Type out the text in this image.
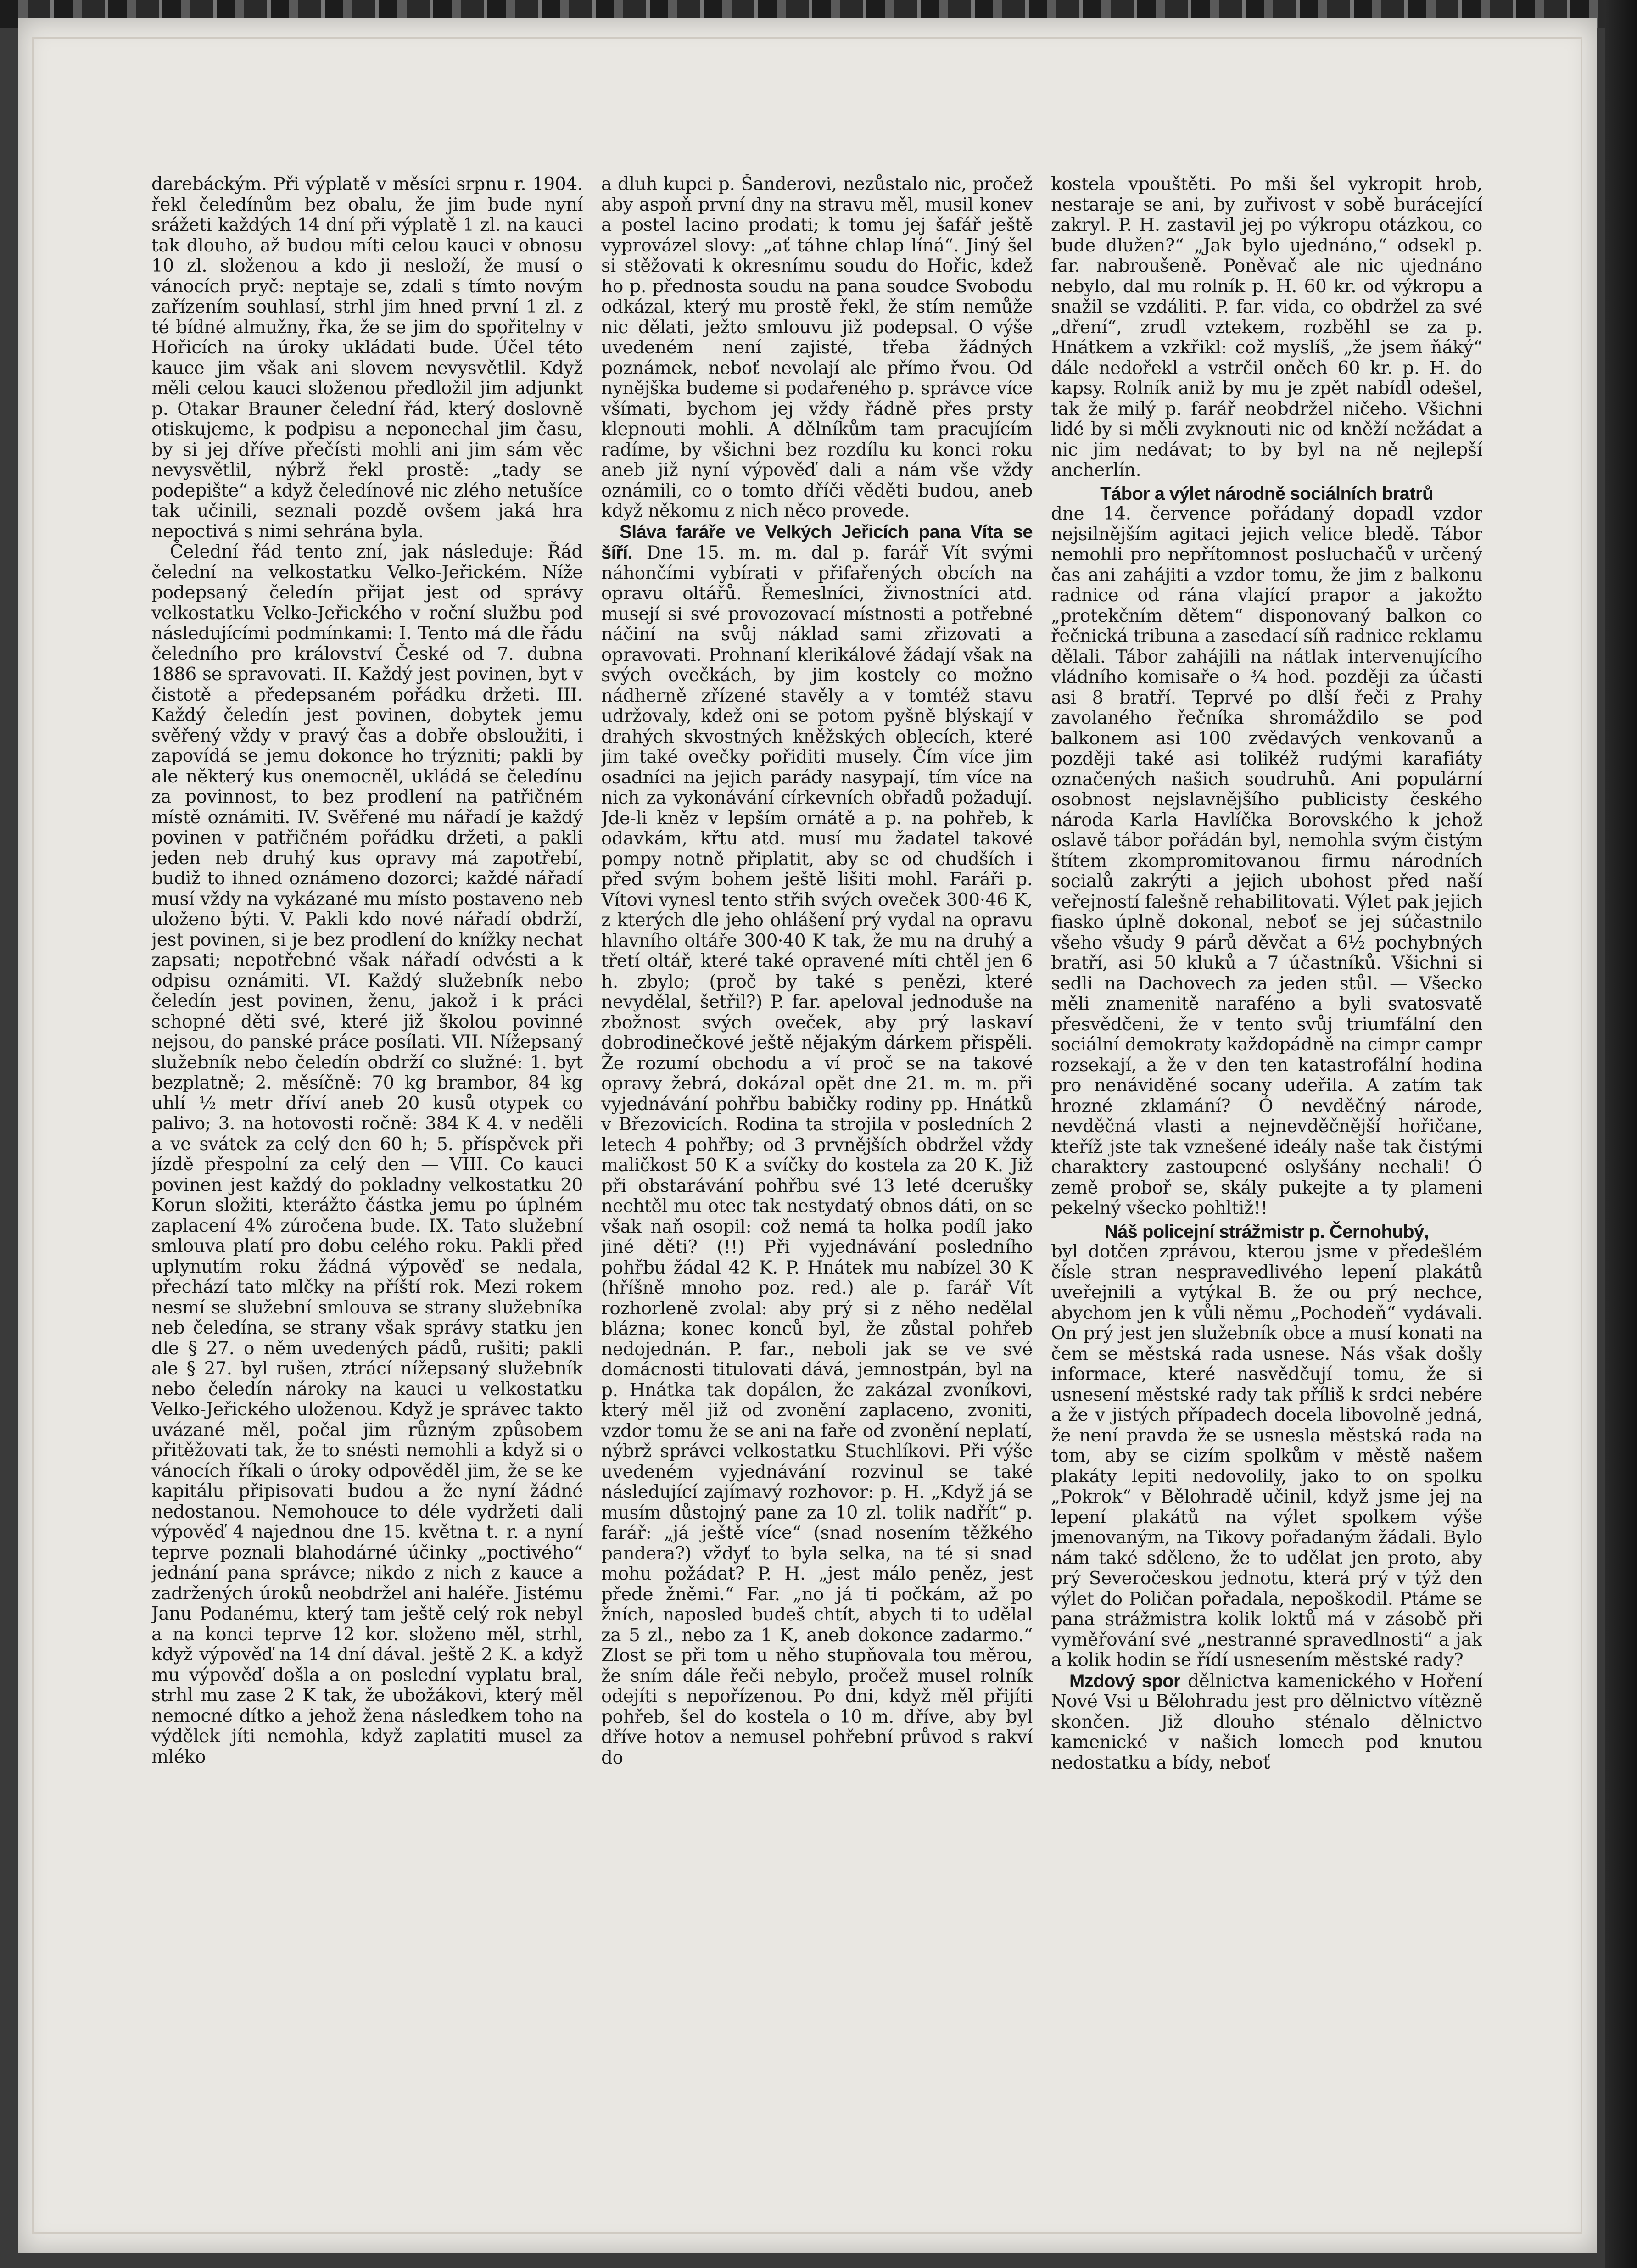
darebáckým. Při výplatě v měsíci srpnu r. 1904. řekl čeledínům bez obalu, že jim bude nyní srážeti každých 14 dní při výplatě 1 zl. na kauci tak dlouho, až budou míti celou kauci v obnosu 10 zl. složenou a kdo ji nesloží, že musí o vánocích pryč: neptaje se, zdali s tímto novým zařízením souhlasí, strhl jim hned první 1 zl. z té bídné almužny, řka, že se jim do spořitelny v Hořicích na úroky ukládati bude. Účel této kauce jim však ani slovem nevysvětlil. Když měli celou kauci složenou předložil jim adjunkt p. Otakar Brauner čelední řád, který doslovně otiskujeme, k podpisu a neponechal jim času, by si jej dříve přečísti mohli ani jim sám věc nevysvětlil, nýbrž řekl prostě: „tady se podepište“ a když čeledínové nic zlého netušíce tak učinili, seznali pozdě ovšem jaká hra nepoctivá s nimi sehrána byla.

Čelední řád tento zní, jak následuje: Řád čelední na velkostatku Velko-Jeřickém. Níže podepsaný čeledín přijat jest od správy velkostatku Velko-Jeřického v roční službu pod následujícími podmínkami: I. Tento má dle řádu čeledního pro království České od 7. dubna 1886 se spravovati. II. Každý jest povinen, byt v čistotě a předepsaném pořádku držeti. III. Každý čeledín jest povinen, dobytek jemu svěřený vždy v pravý čas a dobře obsloužiti, i zapovídá se jemu dokonce ho trýzniti; pakli by ale některý kus onemocněl, ukládá se čeledínu za povinnost, to bez prodlení na patřičném místě oznámiti. IV. Svěřené mu nářadí je každý povinen v patřičném pořádku držeti, a pakli jeden neb druhý kus opravy má zapotřebí, budiž to ihned oznámeno dozorci; každé nářadí musí vždy na vykázané mu místo postaveno neb uloženo býti. V. Pakli kdo nové nářadí obdrží, jest povinen, si je bez prodlení do knížky nechat zapsati; nepotřebné však nářadí odvésti a k odpisu oznámiti. VI. Každý služebník nebo čeledín jest povinen, ženu, jakož i k práci schopné děti své, které již školou povinné nejsou, do panské práce posílati. VII. Nížepsaný služebník nebo čeledín obdrží co služné: 1. byt bezplatně; 2. měsíčně: 70 kg brambor, 84 kg uhlí ½ metr dříví aneb 20 kusů otypek co palivo; 3. na hotovosti ročně: 384 K 4. v neděli a ve svátek za celý den 60 h; 5. příspěvek při jízdě přespolní za celý den — VIII. Co kauci povinen jest každý do pokladny velkostatku 20 Korun složiti, kterážto částka jemu po úplném zaplacení 4% zúročena bude. IX. Tato služební smlouva platí pro dobu celého roku. Pakli před uplynutím roku žádná výpověď se nedala, přechází tato mlčky na příští rok. Mezi rokem nesmí se služební smlouva se strany služebníka neb čeledína, se strany však správy statku jen dle § 27. o něm uvedených pádů, rušiti; pakli ale § 27. byl rušen, ztrácí nížepsaný služebník nebo čeledín nároky na kauci u velkostatku Velko-Jeřického uloženou. Když je správec takto uvázané měl, počal jim různým způsobem přitěžovati tak, že to snésti nemohli a když si o vánocích říkali o úroky odpověděl jim, že se ke kapitálu připisovati budou a že nyní žádné nedostanou. Nemohouce to déle vydržeti dali výpověď 4 najednou dne 15. května t. r. a nyní teprve poznali blahodárné účinky „poctivého“ jednání pana správce; nikdo z nich z kauce a zadržených úroků neobdržel ani haléře. Jistému Janu Podanému, který tam ještě celý rok nebyl a na konci teprve 12 kor. složeno měl, strhl, když výpověď na 14 dní dával. ještě 2 K. a když mu výpověď došla a on poslední vyplatu bral, strhl mu zase 2 K tak, že ubožákovi, který měl nemocné dítko a jehož žena následkem toho na výdělek jíti nemohla, když zaplatiti musel za mléko

a dluh kupci p. Šanderovi, nezůstalo nic, pročež aby aspoň první dny na stravu měl, musil konev a postel lacino prodati; k tomu jej šafář ještě vyprovázel slovy: „ať táhne chlap líná“. Jiný šel si stěžovati k okresnímu soudu do Hořic, kdež ho p. přednosta soudu na pana soudce Svobodu odkázal, který mu prostě řekl, že stím nemůže nic dělati, ježto smlouvu již podepsal. O výše uvedeném není zajisté, třeba žádných poznámek, neboť nevolají ale přímo řvou. Od nynějška budeme si podařeného p. správce více všímati, bychom jej vždy řádně přes prsty klepnouti mohli. A dělníkům tam pracujícím radíme, by všichni bez rozdílu ku konci roku aneb již nyní výpověď dali a nám vše vždy oznámili, co o tomto dříči věděti budou, aneb když někomu z nich něco provede.

Sláva faráře ve Velkých Jeřicích pana Víta se šíří. Dne 15. m. m. dal p. farář Vít svými náhončími vybírati v přifařených obcích na opravu oltářů. Řemeslníci, živnostníci atd. musejí si své provozovací místnosti a potřebné náčiní na svůj náklad sami zřizovati a opravovati. Prohnaní klerikálové žádají však na svých ovečkách, by jim kostely co možno nádherně zřízené stavěly a v tomtéž stavu udržovaly, kdež oni se potom pyšně blýskají v drahých skvostných kněžských oblecích, které jim také ovečky pořiditi musely. Čím více jim osadníci na jejich parády nasypají, tím více na nich za vykonávání církevních obřadů požadují. Jde-li kněz v lepším ornátě a p. na pohřeb, k odavkám, křtu atd. musí mu žadatel takové pompy notně připlatit, aby se od chudších i před svým bohem ještě lišiti mohl. Faráři p. Vítovi vynesl tento střih svých oveček 300·46 K, z kterých dle jeho ohlášení prý vydal na opravu hlavního oltáře 300·40 K tak, že mu na druhý a třetí oltář, které také opravené míti chtěl jen 6 h. zbylo; (proč by také s penězi, které nevydělal, šetřil?) P. far. apeloval jednoduše na zbožnost svých oveček, aby prý laskaví dobrodinečkové ještě nějakým dárkem přispěli. Že rozumí obchodu a ví proč se na takové opravy žebrá, dokázal opět dne 21. m. m. při vyjednávání pohřbu babičky rodiny pp. Hnátků v Březovicích. Rodina ta strojila v posledních 2 letech 4 pohřby; od 3 prvnějších obdržel vždy maličkost 50 K a svíčky do kostela za 20 K. Již při obstarávání pohřbu své 13 leté dcerušky nechtěl mu otec tak nestydatý obnos dáti, on se však naň osopil: což nemá ta holka podíl jako jiné děti? (!!) Při vyjednávání posledního pohřbu žádal 42 K. P. Hnátek mu nabízel 30 K (hříšně mnoho poz. red.) ale p. farář Vít rozhorleně zvolal: aby prý si z něho nedělal blázna; konec konců byl, že zůstal pohřeb nedojednán. P. far., neboli jak se ve své domácnosti titulovati dává, jemnostpán, byl na p. Hnátka tak dopálen, že zakázal zvoníkovi, který měl již od zvonění zaplaceno, zvoniti, vzdor tomu že se ani na faře od zvonění neplatí, nýbrž správci velkostatku Stuchlíkovi. Při výše uvedeném vyjednávání rozvinul se také následující zajímavý rozhovor: p. H. „Když já se musím důstojný pane za 10 zl. tolik nadřít“ p. farář: „já ještě více“ (snad nosením těžkého pandera?) vždyť to byla selka, na té si snad mohu požádat? P. H. „jest málo peněz, jest přede žněmi.“ Far. „no já ti počkám, až po žních, naposled budeš chtít, abych ti to udělal za 5 zl., nebo za 1 K, aneb dokonce zadarmo.“ Zlost se při tom u něho stupňovala tou měrou, že sním dále řeči nebylo, pročež musel rolník odejíti s nepořízenou. Po dni, když měl přijíti pohřeb, šel do kostela o 10 m. dříve, aby byl dříve hotov a nemusel pohřební průvod s rakví do

kostela vpouštěti. Po mši šel vykropit hrob, nestaraje se ani, by zuřivost v sobě burácející zakryl. P. H. zastavil jej po výkropu otázkou, co bude dlužen?“ „Jak bylo ujednáno,“ odsekl p. far. nabroušeně. Poněvač ale nic ujednáno nebylo, dal mu rolník p. H. 60 kr. od výkropu a snažil se vzdáliti. P. far. vida, co obdržel za své „dření“, zrudl vztekem, rozběhl se za p. Hnátkem a vzkřikl: což myslíš, „že jsem ňáký“ dále nedořekl a vstrčil oněch 60 kr. p. H. do kapsy. Rolník aniž by mu je zpět nabídl odešel, tak že milý p. farář neobdržel ničeho. Všichni lidé by si měli zvyknouti nic od kněží nežádat a nic jim nedávat; to by byl na ně nejlepší ancherlín.

Tábor a výlet národně sociálních bratrů

dne 14. července pořádaný dopadl vzdor nejsilnějším agitaci jejich velice bledě. Tábor nemohli pro nepřítomnost posluchačů v určený čas ani zahájiti a vzdor tomu, že jim z balkonu radnice od rána vlající prapor a jakožto „protekčním dětem“ disponovaný balkon co řečnická tribuna a zasedací síň radnice reklamu dělali. Tábor zahájili na nátlak intervenujícího vládního komisaře o ¾ hod. později za účasti asi 8 bratří. Teprvé po dlší řeči z Prahy zavolaného řečníka shromáždilo se pod balkonem asi 100 zvědavých venkovanů a později také asi tolikéž rudými karafiáty označených našich soudruhů. Ani populární osobnost nejslavnějšího publicisty českého národa Karla Havlíčka Borovského k jehož oslavě tábor pořádán byl, nemohla svým čistým štítem zkompromitovanou firmu národních socialů zakrýti a jejich ubohost před naší veřejností falešně rehabilitovati. Výlet pak jejich fiasko úplně dokonal, neboť se jej súčastnilo všeho všudy 9 párů děvčat a 6½ pochybných bratří, asi 50 kluků a 7 účastníků. Všichni si sedli na Dachovech za jeden stůl. — Všecko měli znamenitě naraféno a byli svatosvatě přesvědčeni, že v tento svůj triumfální den sociální demokraty každopádně na cimpr campr rozsekají, a že v den ten katastrofální hodina pro nenáviděné socany udeřila. A zatím tak hrozné zklamání? Ó nevděčný národe, nevděčná vlasti a nejnevděčnější hořičane, kteříž jste tak vznešené ideály naše tak čistými charaktery zastoupené oslyšány nechali! Ó země proboř se, skály pukejte a ty plameni pekelný všecko pohltiž!!

Náš policejní strážmistr p. Černohubý,

byl dotčen zprávou, kterou jsme v předešlém čísle stran nespravedlivého lepení plakátů uveřejnili a vytýkal B. že ou prý nechce, abychom jen k vůli němu „Pochodeň“ vydávali. On prý jest jen služebník obce a musí konati na čem se městská rada usnese. Nás však došly informace, které nasvědčují tomu, že si usnesení městské rady tak příliš k srdci nebére a že v jistých případech docela libovolně jedná, že není pravda že se usnesla městská rada na tom, aby se cizím spolkům v městě našem plakáty lepiti nedovolily, jako to on spolku „Pokrok“ v Bělohradě učinil, když jsme jej na lepení plakátů na výlet spolkem výše jmenovaným, na Tikovy pořadaným žádali. Bylo nám také sděleno, že to udělat jen proto, aby prý Severočeskou jednotu, která prý v týž den výlet do Poličan pořadala, nepoškodil. Ptáme se pana strážmistra kolik loktů má v zásobě při vyměřování své „nestranné spravedlnosti“ a jak a kolik hodin se řídí usnesením městské rady?

Mzdový spor dělnictva kamenického v Hoření Nové Vsi u Bělohradu jest pro dělnictvo vítězně skončen. Již dlouho sténalo dělnictvo kamenické v našich lomech pod knutou nedostatku a bídy, neboť
